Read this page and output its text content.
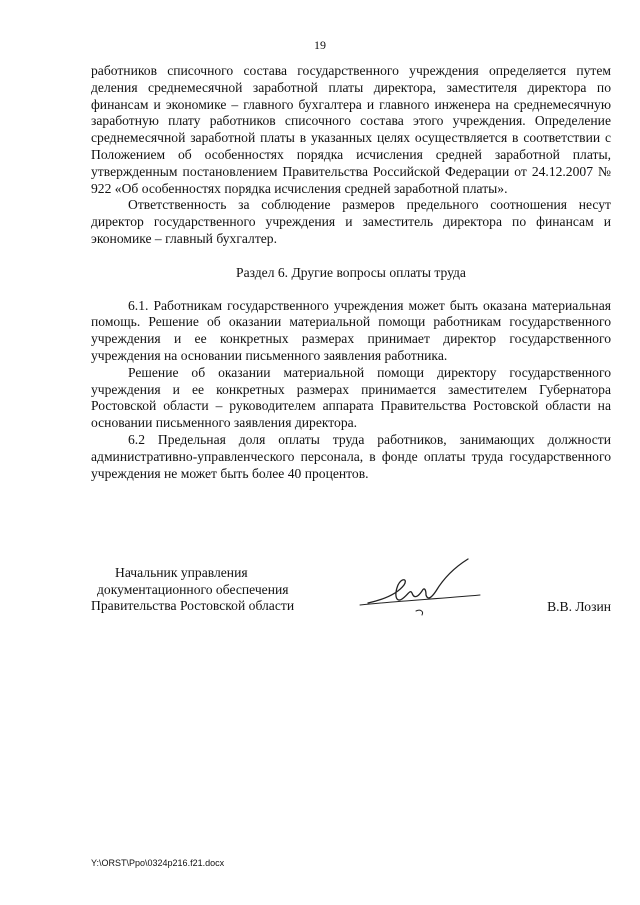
19

работников списочного состава государственного учреждения определяется путем деления среднемесячной заработной платы директора, заместителя директора по финансам и экономике – главного бухгалтера и главного инженера на среднемесячную заработную плату работников списочного состава этого учреждения. Определение среднемесячной заработной платы в указанных целях осуществляется в соответствии с Положением об особенностях порядка исчисления средней заработной платы, утвержденным постановлением Правительства Российской Федерации от 24.12.2007 № 922 «Об особенностях порядка исчисления средней заработной платы».

Ответственность за соблюдение размеров предельного соотношения несут директор государственного учреждения и заместитель директора по финансам и экономике – главный бухгалтер.

Раздел 6. Другие вопросы оплаты труда

6.1. Работникам государственного учреждения может быть оказана материальная помощь. Решение об оказании материальной помощи работникам государственного учреждения и ее конкретных размерах принимает директор государственного учреждения на основании письменного заявления работника.

Решение об оказании материальной помощи директору государственного учреждения и ее конкретных размерах принимается заместителем Губернатора Ростовской области – руководителем аппарата Правительства Ростовской области на основании письменного заявления директора.

6.2 Предельная доля оплаты труда работников, занимающих должности административно-управленческого персонала, в фонде оплаты труда государственного учреждения не может быть более 40 процентов.

Начальник управления
документационного обеспечения
Правительства Ростовской области	В.В. Лозин
Y:\ORST\Ppo\0324p216.f21.docx
